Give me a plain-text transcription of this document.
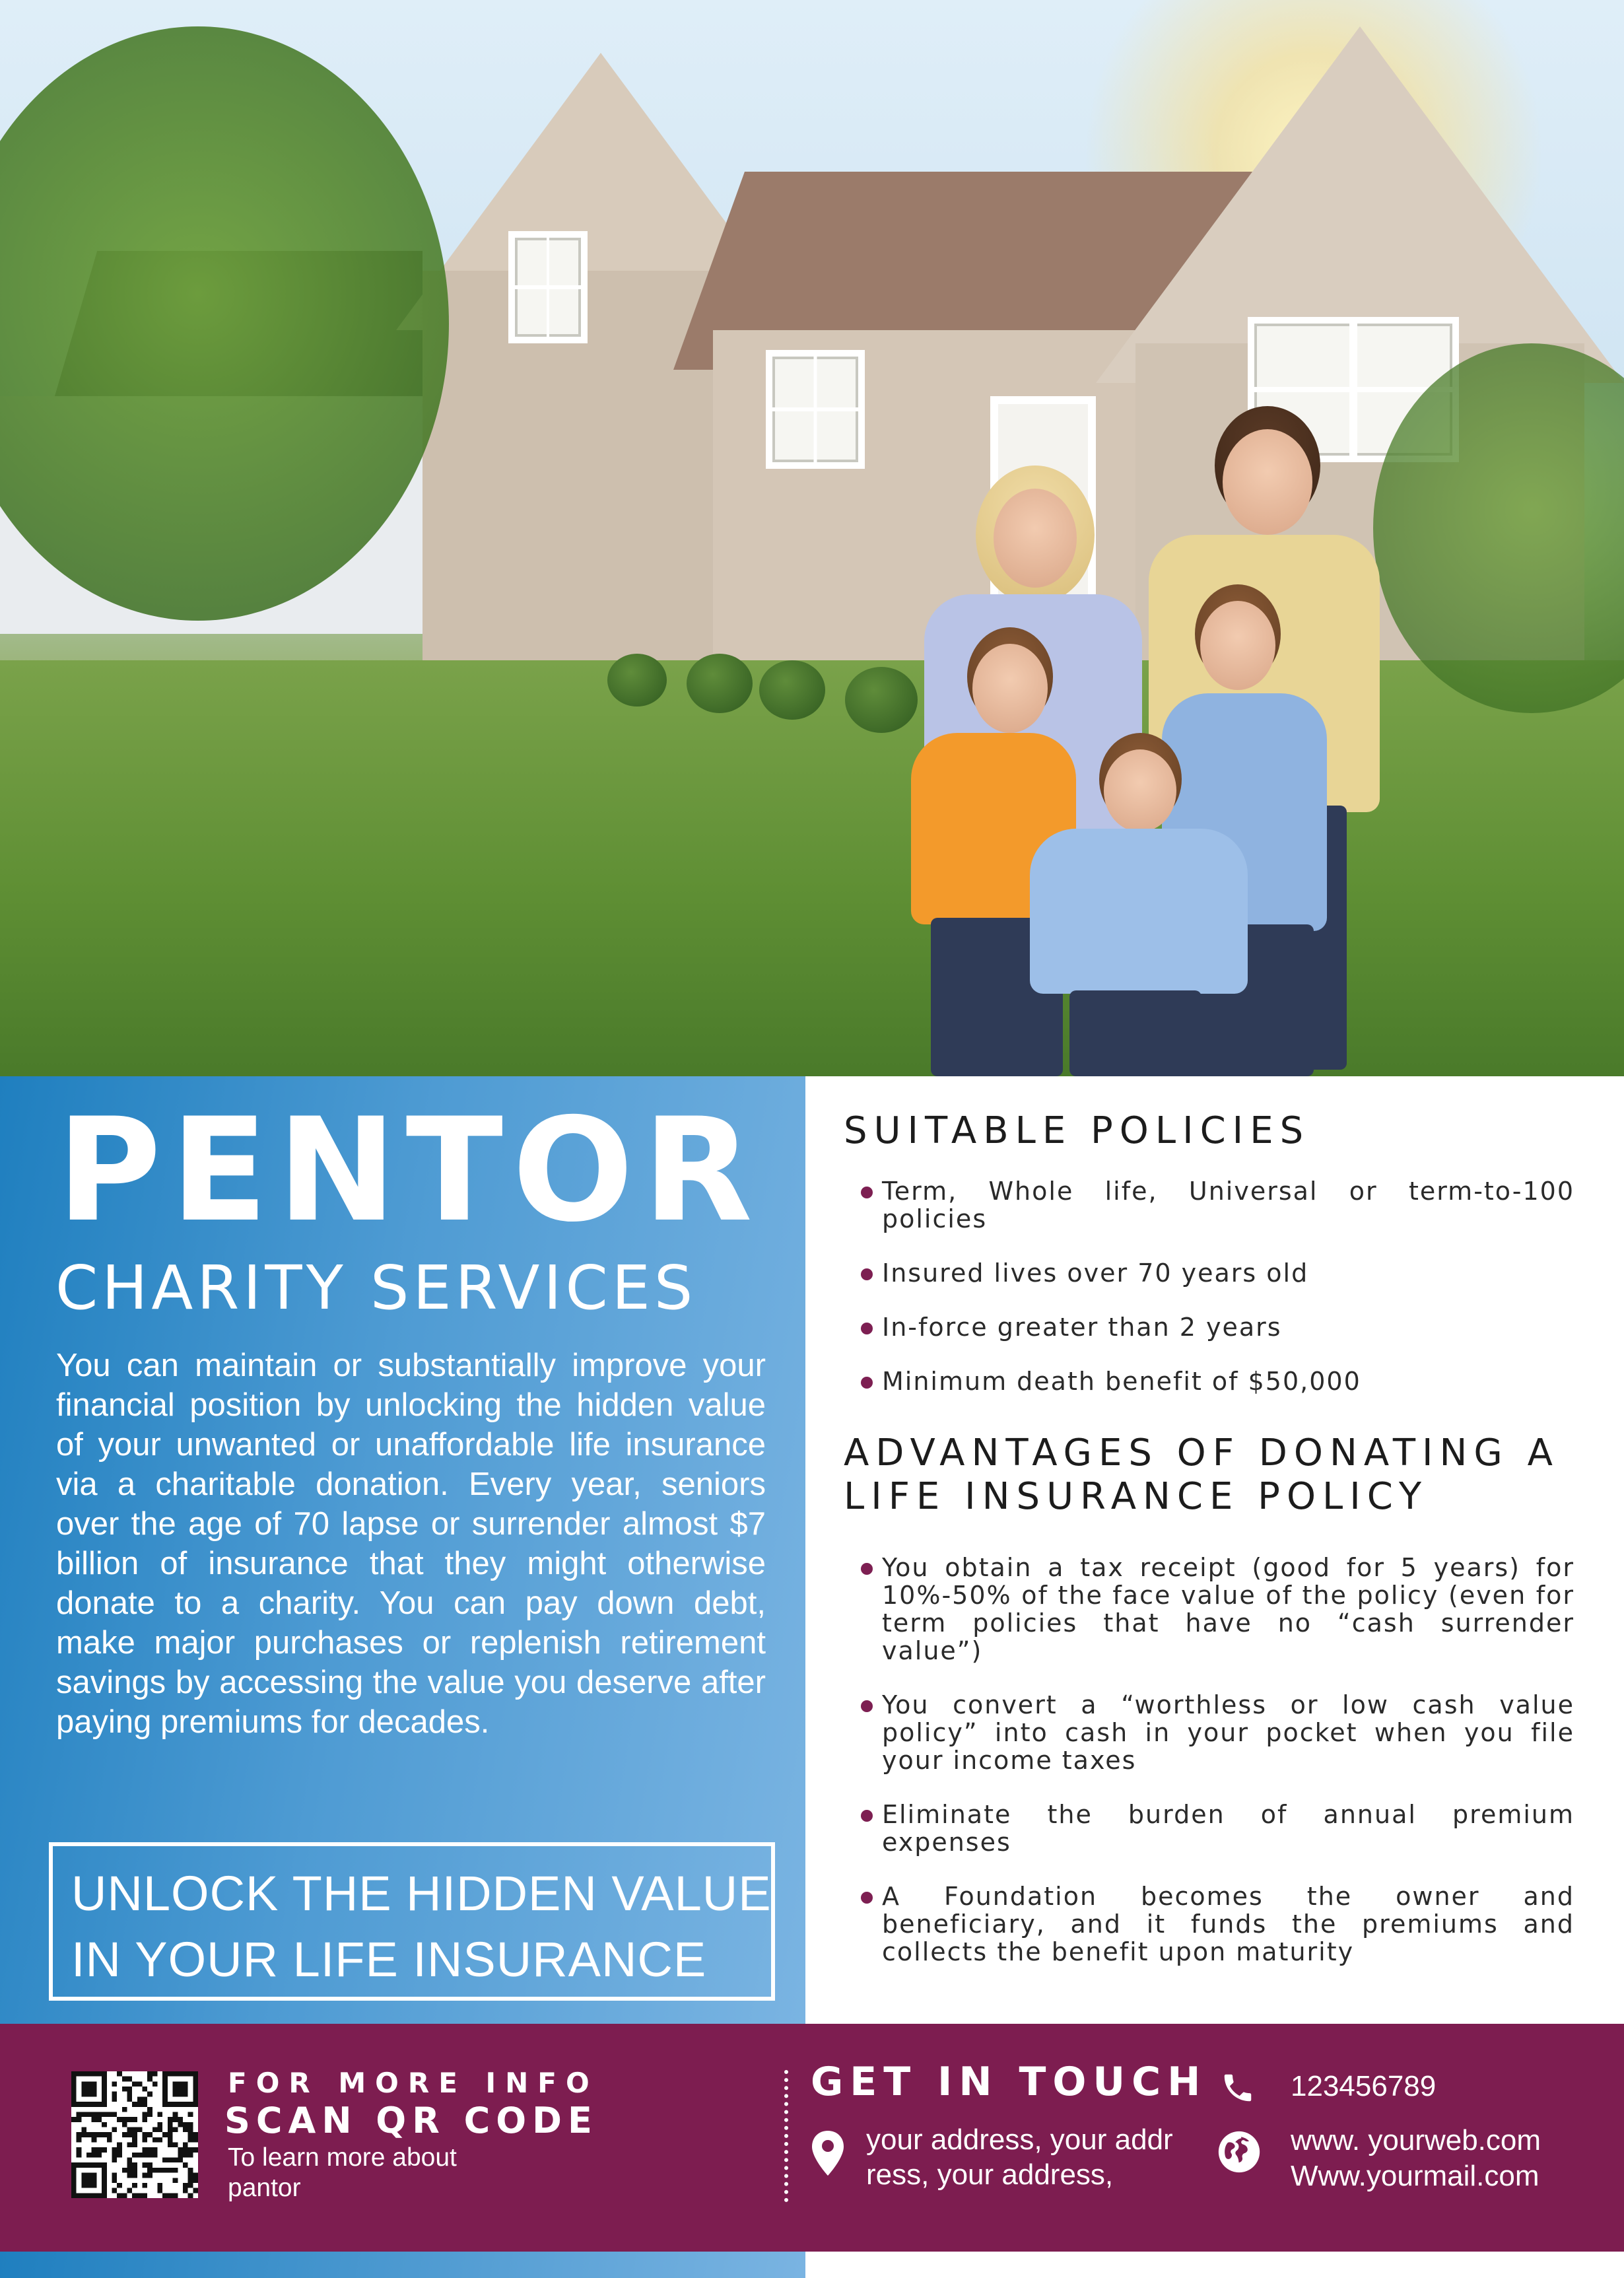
PENTOR
CHARITY SERVICES

You can maintain or substantially improve your financial position by unlocking the hidden value of your unwanted or unaffordable life insurance via a charitable donation. Every year, seniors over the age of 70 lapse or surrender almost $7 billion of insurance that they might otherwise donate to a charity. You can pay down debt, make major purchases or replenish retirement savings by accessing the value you deserve after paying premiums for decades.

UNLOCK THE HIDDEN VALUE
IN YOUR LIFE INSURANCE
SUITABLE POLICIES
Term, Whole life, Universal or term-to-100 policies
Insured lives over 70 years old
In-force greater than 2 years
Minimum death benefit of $50,000
ADVANTAGES OF DONATING A
LIFE INSURANCE POLICY
You obtain a tax receipt (good for 5 years) for 10%-50% of the face value of the policy (even for term policies that have no “cash surrender value”)
You convert a “worthless or low cash value policy” into cash in your pocket when you file your income taxes
Eliminate the burden of annual premium expenses
A Foundation becomes the owner and beneficiary, and it funds the premiums and collects the benefit upon maturity
FOR MORE INFO
SCAN QR CODE
To learn more about pantor
GET IN TOUCH
your address, your addr
ress, your address,
123456789
www. yourweb.com
Www.yourmail.com
